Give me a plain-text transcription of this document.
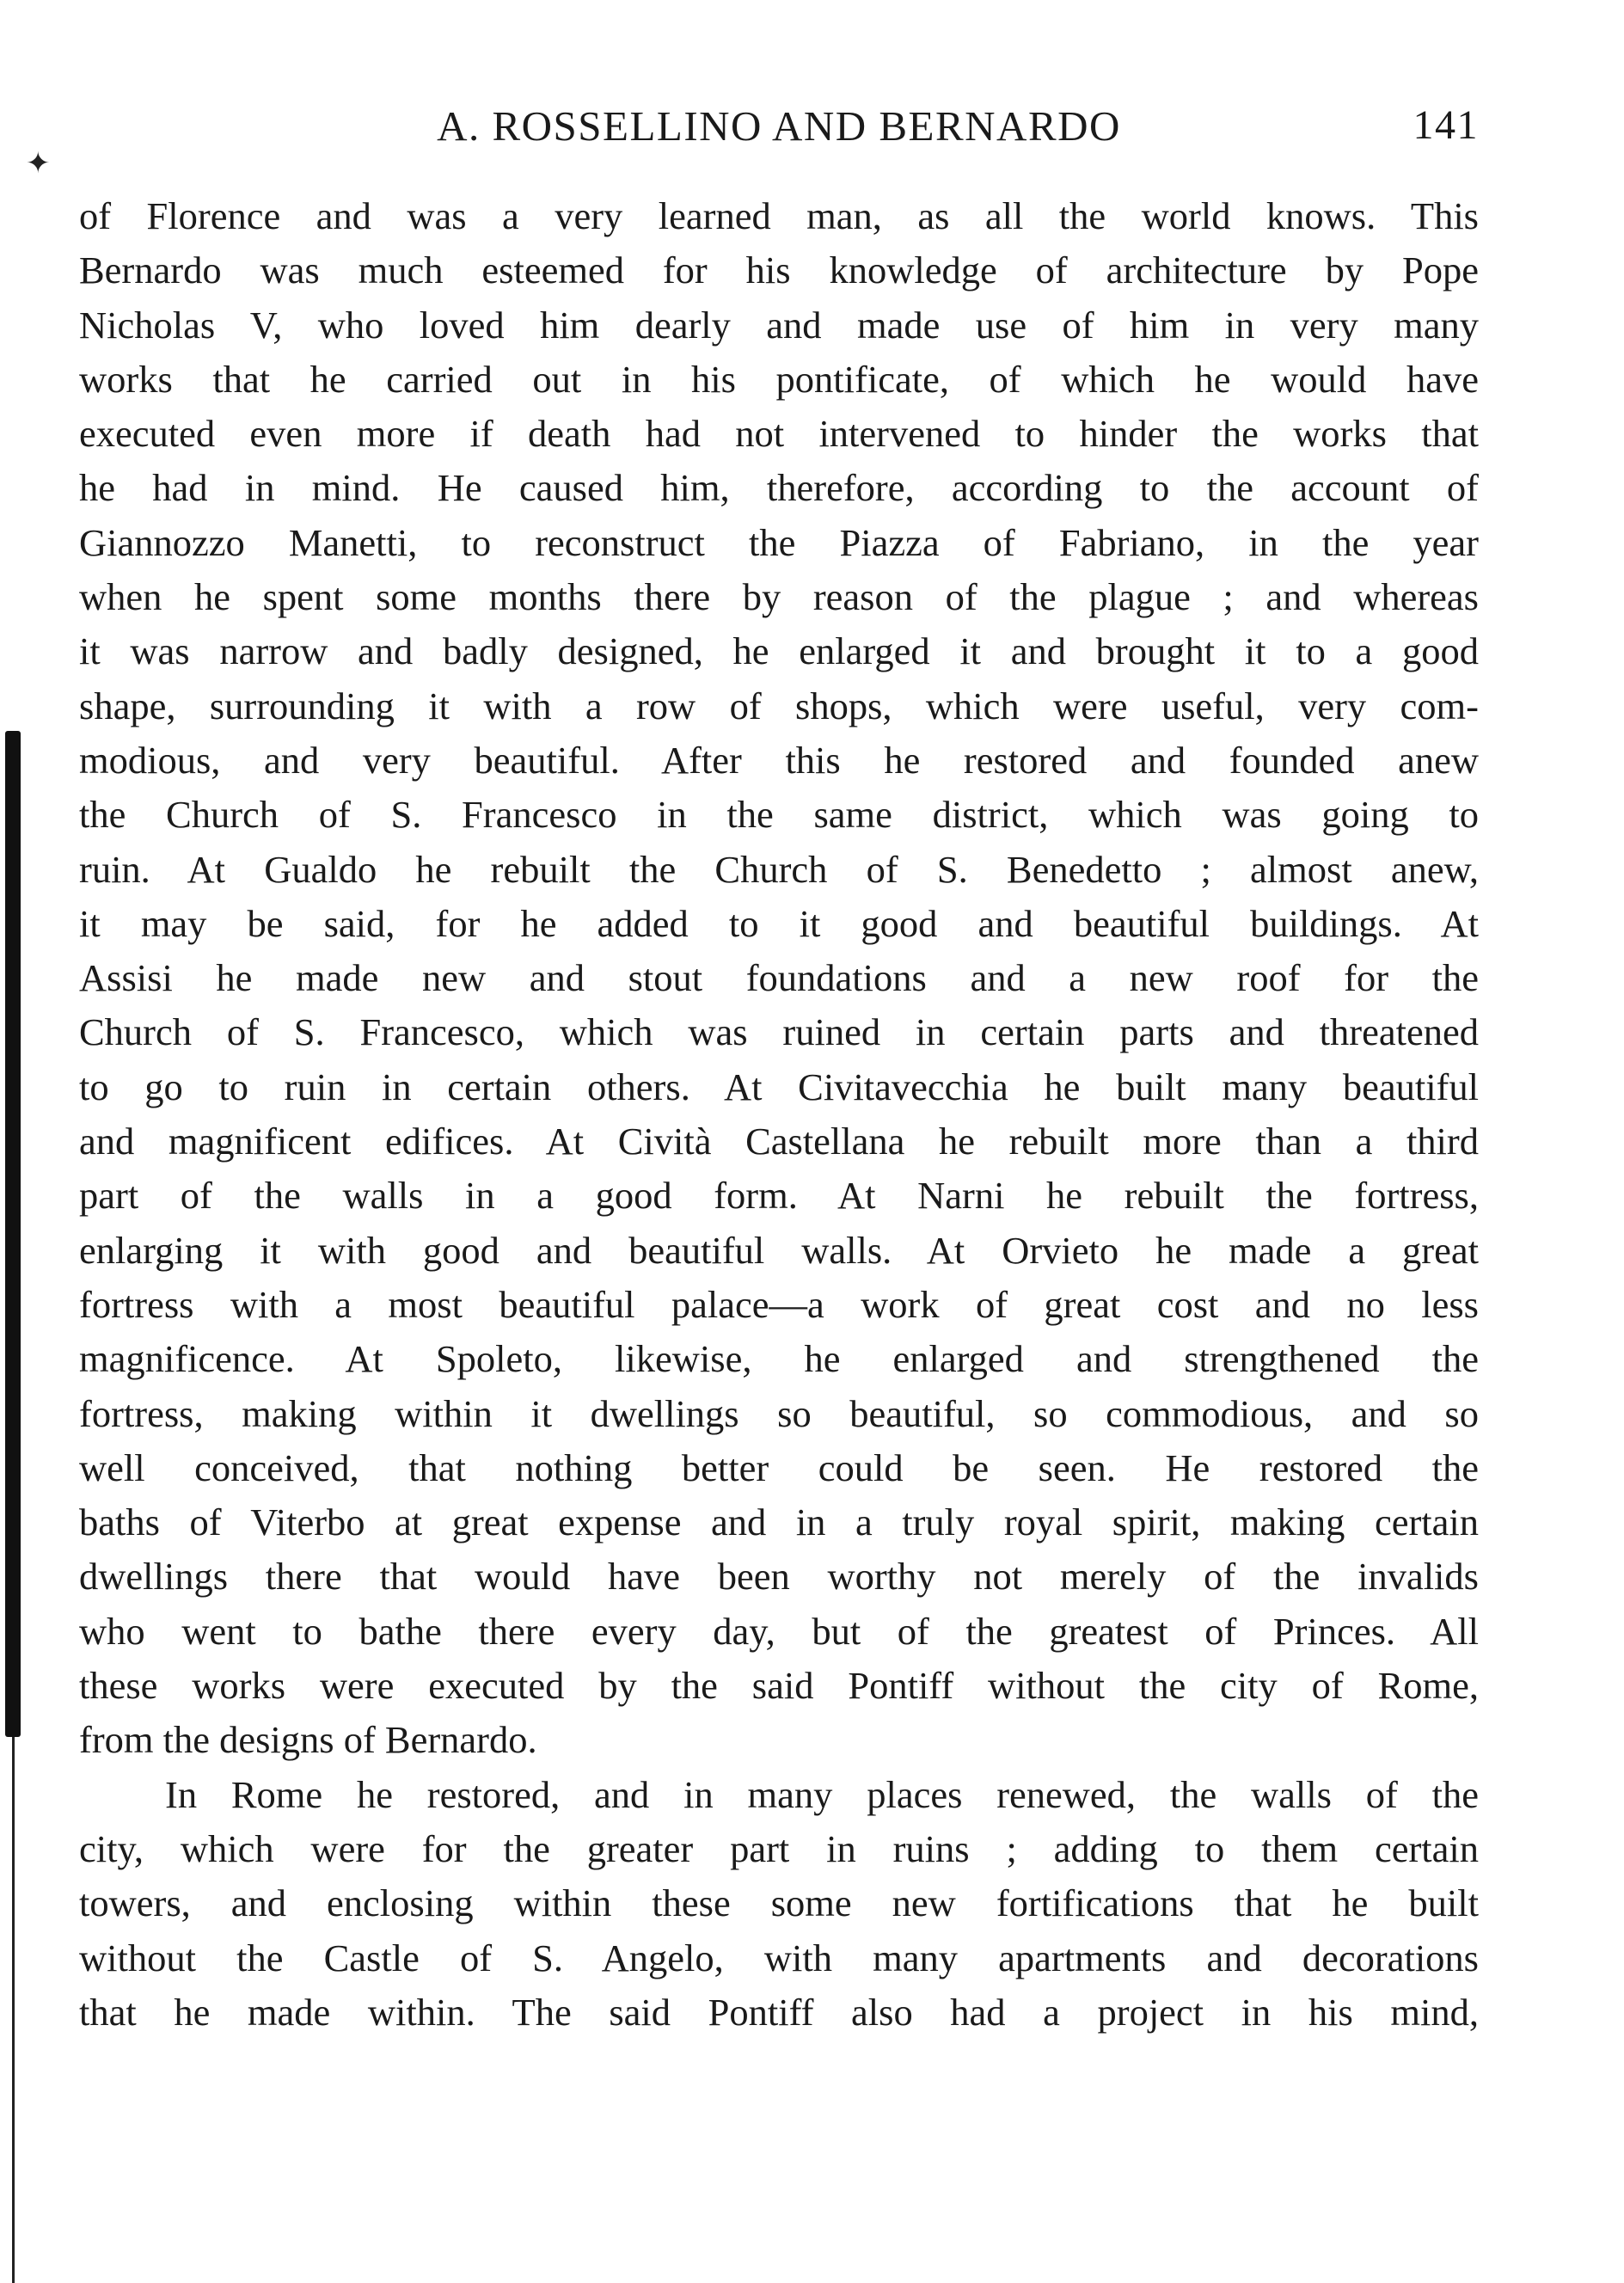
A. ROSSELLINO AND BERNARDO	141
✦
of Florence and was a very learned man, as all the world knows. This
Bernardo was much esteemed for his knowledge of architecture by Pope
Nicholas V, who loved him dearly and made use of him in very many
works that he carried out in his pontificate, of which he would have
executed even more if death had not intervened to hinder the works that
he had in mind. He caused him, therefore, according to the account of
Giannozzo Manetti, to reconstruct the Piazza of Fabriano, in the year
when he spent some months there by reason of the plague ; and whereas
it was narrow and badly designed, he enlarged it and brought it to a good
shape, surrounding it with a row of shops, which were useful, very com-
modious, and very beautiful. After this he restored and founded anew
the Church of S. Francesco in the same district, which was going to
ruin. At Gualdo he rebuilt the Church of S. Benedetto ; almost anew,
it may be said, for he added to it good and beautiful buildings. At
Assisi he made new and stout foundations and a new roof for the
Church of S. Francesco, which was ruined in certain parts and threatened
to go to ruin in certain others. At Civitavecchia he built many beautiful
and magnificent edifices. At Cività Castellana he rebuilt more than a third
part of the walls in a good form. At Narni he rebuilt the fortress,
enlarging it with good and beautiful walls. At Orvieto he made a great
fortress with a most beautiful palace—a work of great cost and no less
magnificence. At Spoleto, likewise, he enlarged and strengthened the
fortress, making within it dwellings so beautiful, so commodious, and so
well conceived, that nothing better could be seen. He restored the
baths of Viterbo at great expense and in a truly royal spirit, making certain
dwellings there that would have been worthy not merely of the invalids
who went to bathe there every day, but of the greatest of Princes. All
these works were executed by the said Pontiff without the city of Rome,
from the designs of Bernardo.
In Rome he restored, and in many places renewed, the walls of the
city, which were for the greater part in ruins ; adding to them certain
towers, and enclosing within these some new fortifications that he built
without the Castle of S. Angelo, with many apartments and decorations
that he made within. The said Pontiff also had a project in his mind,
